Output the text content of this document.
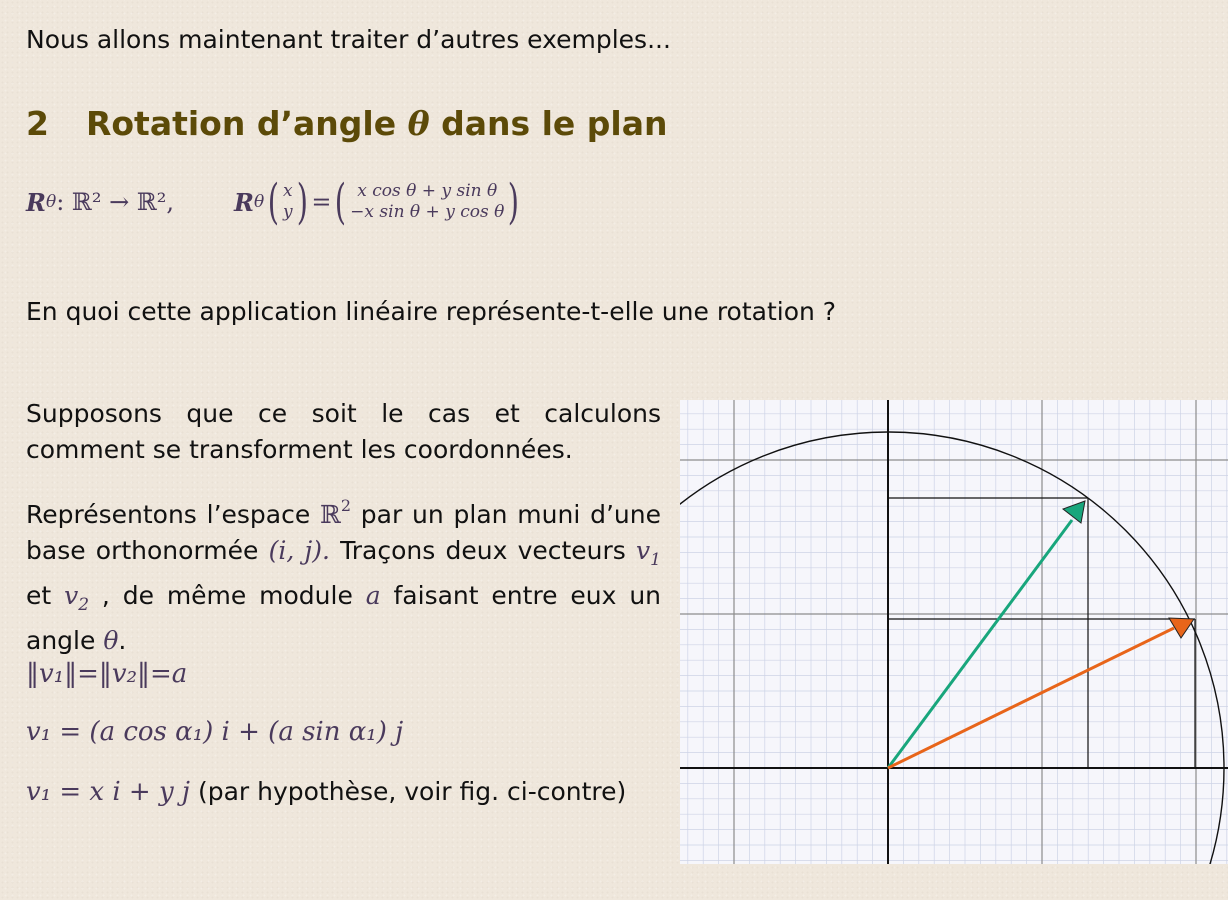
Nous allons maintenant traiter d’autres exemples...
2 Rotation d’angle θ dans le plan
R θ : ℝ² → ℝ²,	R θ ( x
y ) = ( x cos θ + y sin θ
−x sin θ + y cos θ )
En quoi cette application linéaire représente-t-elle une rotation ?
Supposons que ce soit le cas et calculons comment se transforment les coordonnées.
Représentons l’espace ℝ$^2$ par un plan muni d’une base orthonormée (i, j). Traçons deux vecteurs $v_1$ et $v_2$ , de même module a faisant entre eux un angle θ.
‖v₁‖=‖v₂‖=a
v₁ = (a cos α₁) i + (a sin α₁) j
v₁ = x i + y j (par hypothèse, voir fig. ci-contre)
